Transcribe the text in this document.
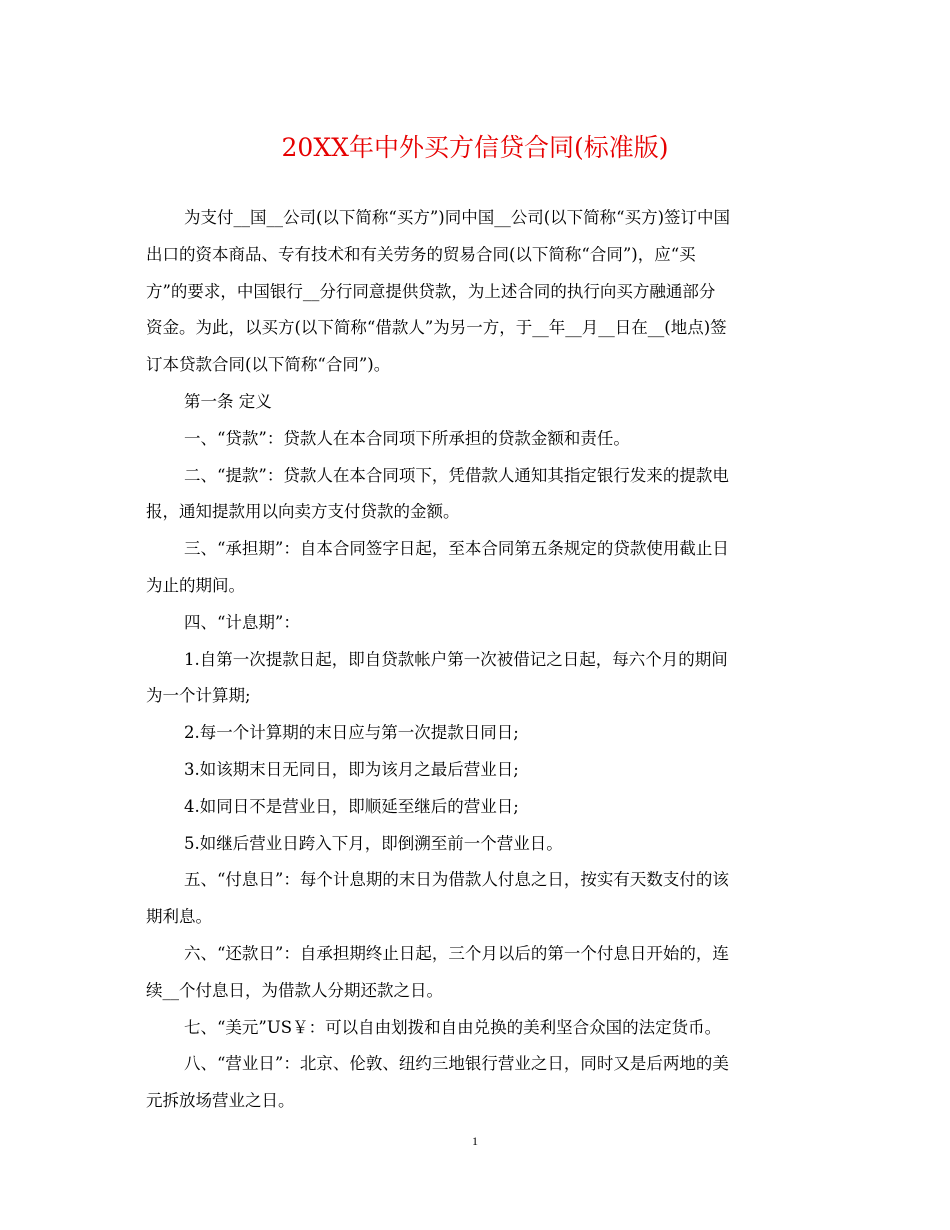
20XX年中外买方信贷合同(标准版)

为支付__国__公司(以下简称“买方”)同中国__公司(以下简称“买方)签订中国

出口的资本商品、专有技术和有关劳务的贸易合同(以下简称“合同”)，应“买

方”的要求，中国银行__分行同意提供贷款，为上述合同的执行向买方融通部分

资金。为此，以买方(以下简称“借款人”为另一方，于__年__月__日在__(地点)签

订本贷款合同(以下简称“合同”)。

第一条 定义

一、“贷款”：贷款人在本合同项下所承担的贷款金额和责任。

二、“提款”：贷款人在本合同项下，凭借款人通知其指定银行发来的提款电

报，通知提款用以向卖方支付贷款的金额。

三、“承担期”：自本合同签字日起，至本合同第五条规定的贷款使用截止日

为止的期间。

四、“计息期”：

1.自第一次提款日起，即自贷款帐户第一次被借记之日起，每六个月的期间

为一个计算期;

2.每一个计算期的末日应与第一次提款日同日;

3.如该期末日无同日，即为该月之最后营业日;

4.如同日不是营业日，即顺延至继后的营业日;

5.如继后营业日跨入下月，即倒溯至前一个营业日。

五、“付息日”：每个计息期的末日为借款人付息之日，按实有天数支付的该

期利息。

六、“还款日”：自承担期终止日起，三个月以后的第一个付息日开始的，连

续__个付息日，为借款人分期还款之日。

七、“美元”US￥：可以自由划拨和自由兑换的美利坚合众国的法定货币。

八、“营业日”：北京、伦敦、纽约三地银行营业之日，同时又是后两地的美

元拆放场营业之日。

1
